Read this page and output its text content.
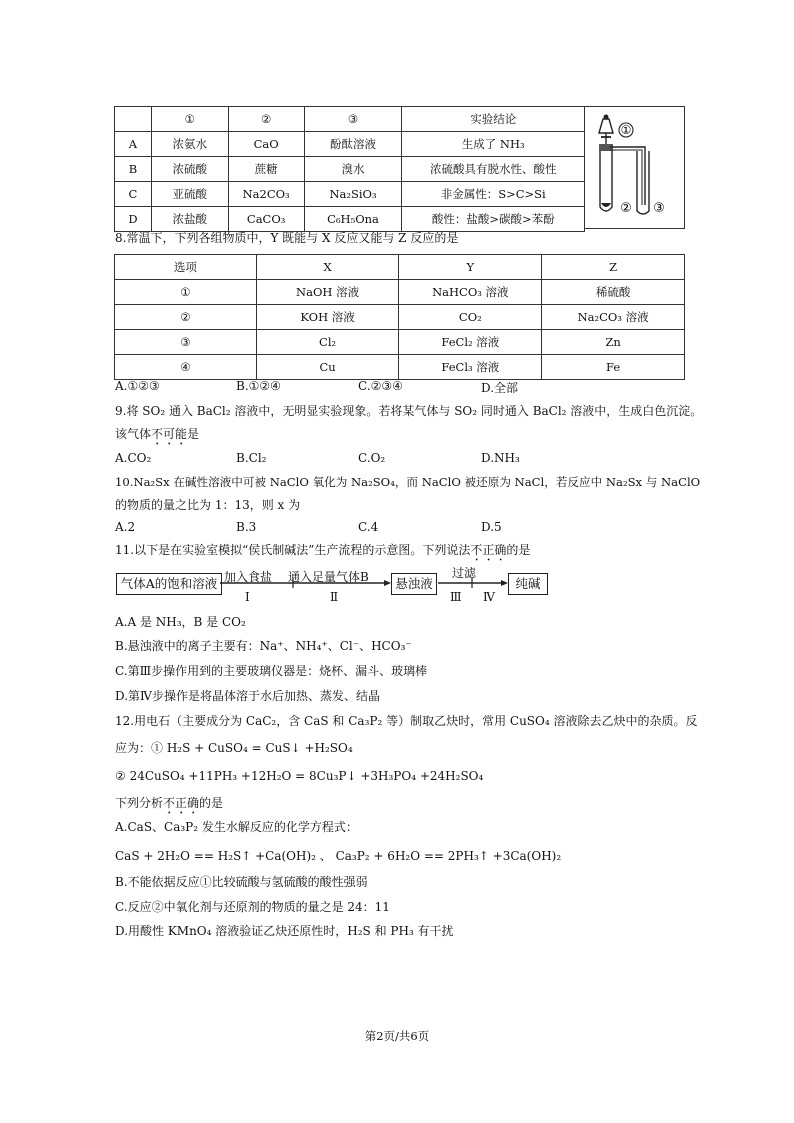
	①	②	③	实验结论
A	浓氨水	CaO	酚酞溶液	生成了 NH₃
B	浓硫酸	蔗糖	溴水	浓硫酸具有脱水性、酸性
C	亚硫酸	Na2CO₃	Na₂SiO₃	非金属性：S>C>Si
D	浓盐酸	CaCO₃	C₆H₅Ona	酸性：盐酸>碳酸>苯酚
①
② ③
8.常温下，下列各组物质中，Y 既能与 X 反应又能与 Z 反应的是
选项	X	Y	Z
①	NaOH 溶液	NaHCO₃ 溶液	稀硫酸
②	KOH 溶液	CO₂	Na₂CO₃ 溶液
③	Cl₂	FeCl₂ 溶液	Zn
④	Cu	FeCl₃ 溶液	Fe
A.①②③	B.①②④	C.②③④	D.全部
9.将 SO₂ 通入 BaCl₂ 溶液中，无明显实验现象。若将某气体与 SO₂ 同时通入 BaCl₂ 溶液中，生成白色沉淀。
该气体不可能是
A.CO₂	B.Cl₂	C.O₂	D.NH₃
10.Na₂Sx 在碱性溶液中可被 NaClO 氧化为 Na₂SO₄，而 NaClO 被还原为 NaCl，若反应中 Na₂Sx 与 NaClO
的物质的量之比为 1：13，则 x 为
A.2	B.3	C.4	D.5
11.以下是在实验室模拟“侯氏制碱法”生产流程的示意图。下列说法不正确的是
气体A的饱和溶液 加入食盐 通入足量气体B	悬浊液
过滤
纯碱
Ⅰ	Ⅱ	Ⅲ Ⅳ
A.A 是 NH₃，B 是 CO₂
B.悬浊液中的离子主要有：Na⁺、NH₄⁺、Cl⁻、HCO₃⁻
C.第Ⅲ步操作用到的主要玻璃仪器是：烧杯、漏斗、玻璃棒
D.第Ⅳ步操作是将晶体溶于水后加热、蒸发、结晶
12.用电石（主要成分为 CaC₂，含 CaS 和 Ca₃P₂ 等）制取乙炔时，常用 CuSO₄ 溶液除去乙炔中的杂质。反
应为：① H₂S + CuSO₄ = CuS↓ +H₂SO₄
② 24CuSO₄ +11PH₃ +12H₂O = 8Cu₃P↓ +3H₃PO₄ +24H₂SO₄
下列分析不正确的是
A.CaS、Ca₃P₂ 发生水解反应的化学方程式：
CaS + 2H₂O == H₂S↑ +Ca(OH)₂ 、 Ca₃P₂ + 6H₂O == 2PH₃↑ +3Ca(OH)₂
B.不能依据反应①比较硫酸与氢硫酸的酸性强弱
C.反应②中氧化剂与还原剂的物质的量之是 24：11
D.用酸性 KMnO₄ 溶液验证乙炔还原性时，H₂S 和 PH₃ 有干扰
第2页/共6页
